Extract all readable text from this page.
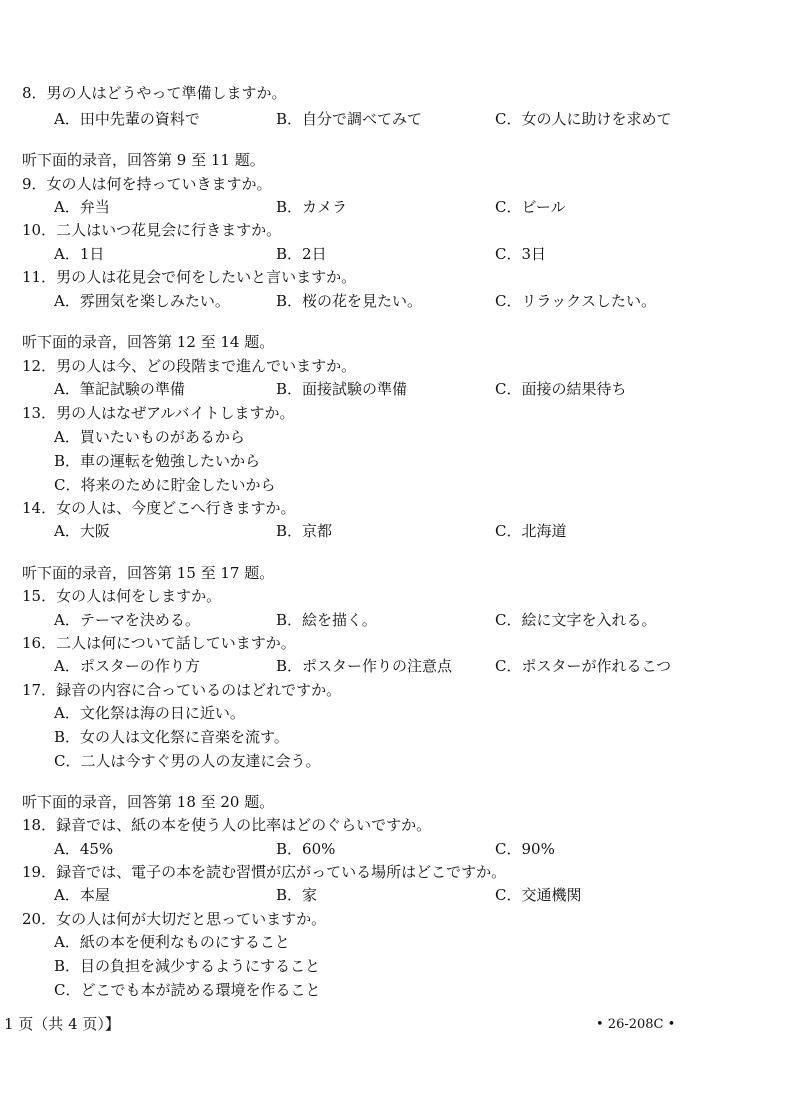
8．男の人はどうやって準備しますか。
A．田中先輩の資料で	B．自分で調べてみて	C．女の人に助けを求めて
听下面的录音，回答第 9 至 11 题。
9．女の人は何を持っていきますか。
A．弁当	B．カメラ	C．ビール
10．二人はいつ花見会に行きますか。
A．1日	B．2日	C．3日
11．男の人は花見会で何をしたいと言いますか。
A．雰囲気を楽しみたい。	B．桜の花を見たい。	C．リラックスしたい。
听下面的录音，回答第 12 至 14 题。
12．男の人は今、どの段階まで進んでいますか。
A．筆記試験の準備	B．面接試験の準備	C．面接の結果待ち
13．男の人はなぜアルバイトしますか。
A．買いたいものがあるから
B．車の運転を勉強したいから
C．将来のために貯金したいから
14．女の人は、今度どこへ行きますか。
A．大阪	B．京都	C．北海道
听下面的录音，回答第 15 至 17 题。
15．女の人は何をしますか。
A．テーマを決める。	B．絵を描く。	C．絵に文字を入れる。
16．二人は何について話していますか。
A．ポスターの作り方	B．ポスター作りの注意点	C．ポスターが作れるこつ
17．録音の内容に合っているのはどれですか。
A．文化祭は海の日に近い。
B．女の人は文化祭に音楽を流す。
C．二人は今すぐ男の人の友達に会う。
听下面的录音，回答第 18 至 20 题。
18．録音では、紙の本を使う人の比率はどのぐらいですか。
A．45%	B．60%	C．90%
19．録音では、電子の本を読む習慣が広がっている場所はどこですか。
A．本屋	B．家	C．交通機関
20．女の人は何が大切だと思っていますか。
A．紙の本を便利なものにすること
B．目の負担を減少するようにすること
C．どこでも本が読める環境を作ること
1 页（共 4 页）】	• 26-208C •
